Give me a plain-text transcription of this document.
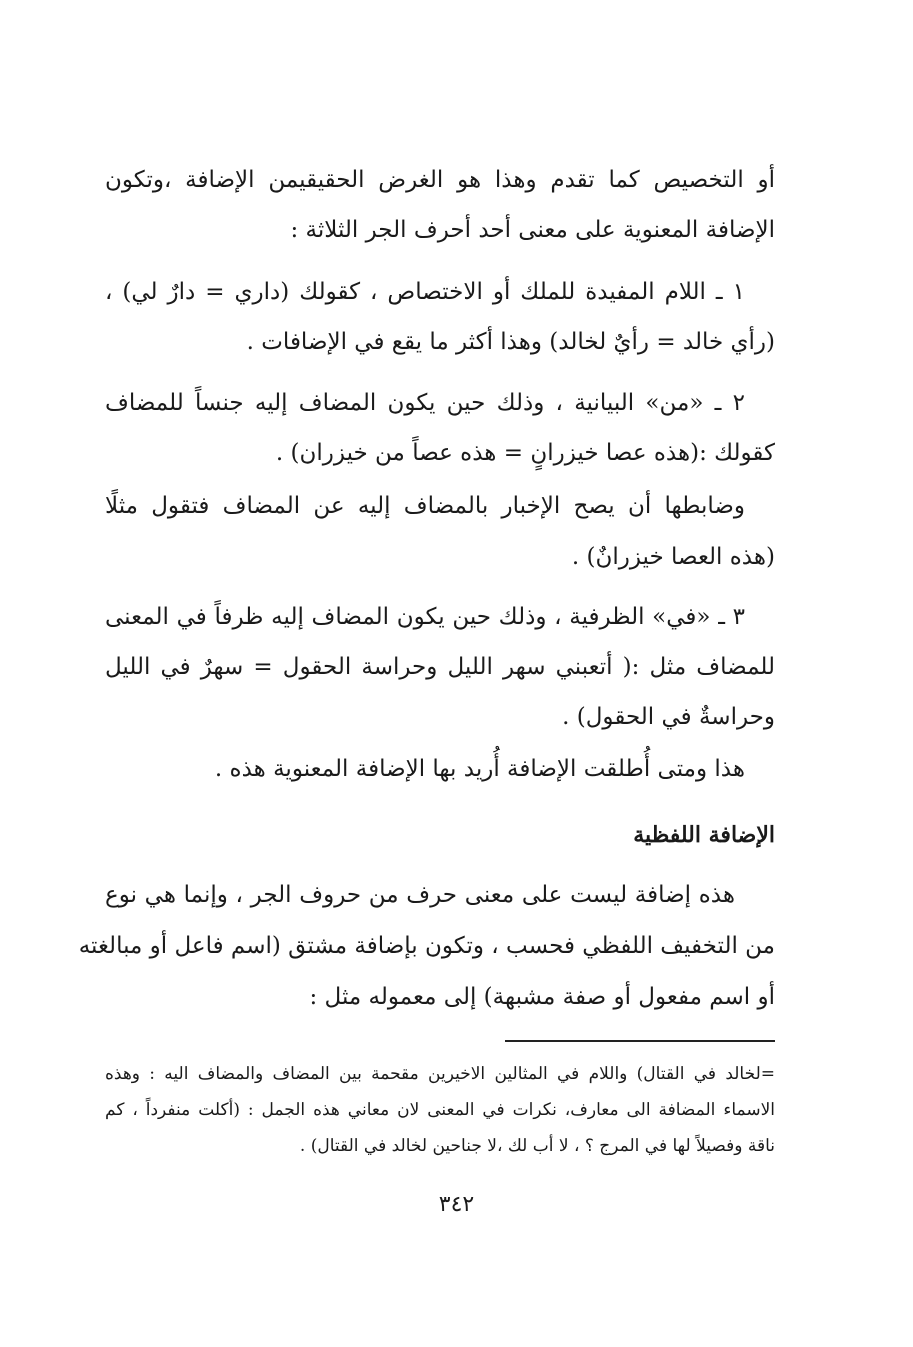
أو التخصيص كما تقدم وهذا هو الغرض الحقيقيمن الإضافة ،وتكون
الإضافة المعنوية على معنى أحد أحرف الجر الثلاثة :
١ ـ اللام المفيدة للملك أو الاختصاص ، كقولك (داري = دارٌ لي) ،
(رأي خالد = رأيٌ لخالد) وهذا أكثر ما يقع في الإضافات .
٢ ـ «من» البيانية ، وذلك حين يكون المضاف إليه جنساً للمضاف
كقولك :(هذه عصا خيزرانٍ = هذه عصاً من خيزران) .
وضابطها أن يصح الإخبار بالمضاف إليه عن المضاف فتقول مثلًا
(هذه العصا خيزرانٌ) .
٣ ـ «في» الظرفية ، وذلك حين يكون المضاف إليه ظرفاً في المعنى
للمضاف مثل :( أتعبني سهر الليل وحراسة الحقول = سهرٌ في الليل
وحراسةٌ في الحقول) .
هذا ومتى أُطلقت الإضافة أُريد بها الإضافة المعنوية هذه .
الإضافة اللفظية
هذه إضافة ليست على معنى حرف من حروف الجر ، وإنما هي نوع
من التخفيف اللفظي فحسب ، وتكون بإضافة مشتق (اسم فاعل أو مبالغته
أو اسم مفعول أو صفة مشبهة) إلى معموله مثل :
=لخالد في القتال) واللام في المثالين الاخيرين مقحمة بين المضاف والمضاف اليه : وهذه
الاسماء المضافة الى معارف، نكرات في المعنى لان معاني هذه الجمل : (أكلت منفرداً ، كم
ناقة وفصيلاً لها في المرج ؟ ، لا أب لك ،لا جناحين لخالد في القتال) .
٣٤٢
